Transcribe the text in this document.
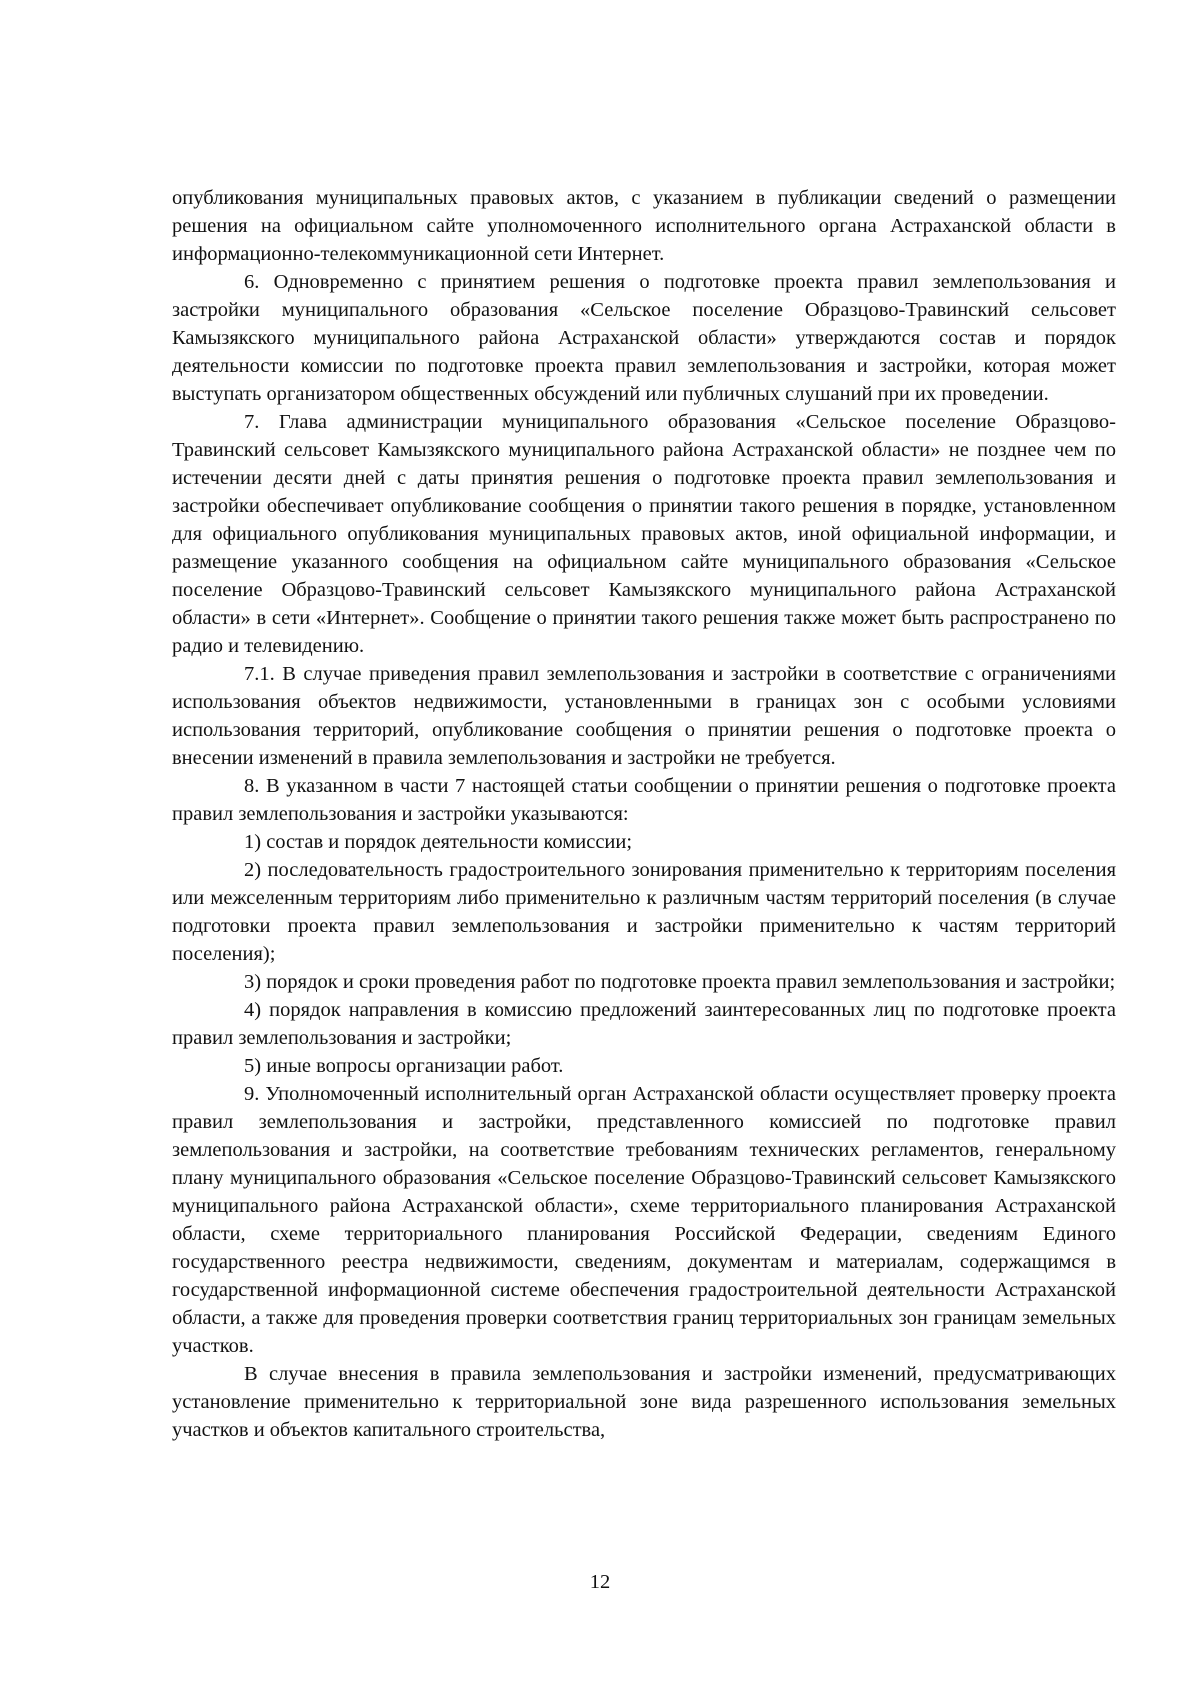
опубликования муниципальных правовых актов, с указанием в публикации сведений о размещении решения на официальном сайте уполномоченного исполнительного органа Астраханской области в информационно-телекоммуникационной сети Интернет.

6. Одновременно с принятием решения о подготовке проекта правил землепользования и застройки муниципального образования «Сельское поселение Образцово-Травинский сельсовет Камызякского муниципального района Астраханской области» утверждаются состав и порядок деятельности комиссии по подготовке проекта правил землепользования и застройки, которая может выступать организатором общественных обсуждений или публичных слушаний при их проведении.

7. Глава администрации муниципального образования «Сельское поселение Образцово-Травинский сельсовет Камызякского муниципального района Астраханской области» не позднее чем по истечении десяти дней с даты принятия решения о подготовке проекта правил землепользования и застройки обеспечивает опубликование сообщения о принятии такого решения в порядке, установленном для официального опубликования муниципальных правовых актов, иной официальной информации, и размещение указанного сообщения на официальном сайте муниципального образования «Сельское поселение Образцово-Травинский сельсовет Камызякского муниципального района Астраханской области» в сети «Интернет». Сообщение о принятии такого решения также может быть распространено по радио и телевидению.

7.1. В случае приведения правил землепользования и застройки в соответствие с ограничениями использования объектов недвижимости, установленными в границах зон с особыми условиями использования территорий, опубликование сообщения о принятии решения о подготовке проекта о внесении изменений в правила землепользования и застройки не требуется.

8. В указанном в части 7 настоящей статьи сообщении о принятии решения о подготовке проекта правил землепользования и застройки указываются:

1) состав и порядок деятельности комиссии;

2) последовательность градостроительного зонирования применительно к территориям поселения или межселенным территориям либо применительно к различным частям территорий поселения (в случае подготовки проекта правил землепользования и застройки применительно к частям территорий поселения);

3) порядок и сроки проведения работ по подготовке проекта правил землепользования и застройки;

4) порядок направления в комиссию предложений заинтересованных лиц по подготовке проекта правил землепользования и застройки;

5) иные вопросы организации работ.

9. Уполномоченный исполнительный орган Астраханской области осуществляет проверку проекта правил землепользования и застройки, представленного комиссией по подготовке правил землепользования и застройки, на соответствие требованиям технических регламентов, генеральному плану муниципального образования «Сельское поселение Образцово-Травинский сельсовет Камызякского муниципального района Астраханской области», схеме территориального планирования Астраханской области, схеме территориального планирования Российской Федерации, сведениям Единого государственного реестра недвижимости, сведениям, документам и материалам, содержащимся в государственной информационной системе обеспечения градостроительной деятельности Астраханской области, а также для проведения проверки соответствия границ территориальных зон границам земельных участков.

В случае внесения в правила землепользования и застройки изменений, предусматривающих установление применительно к территориальной зоне вида разрешенного использования земельных участков и объектов капитального строительства,

12
